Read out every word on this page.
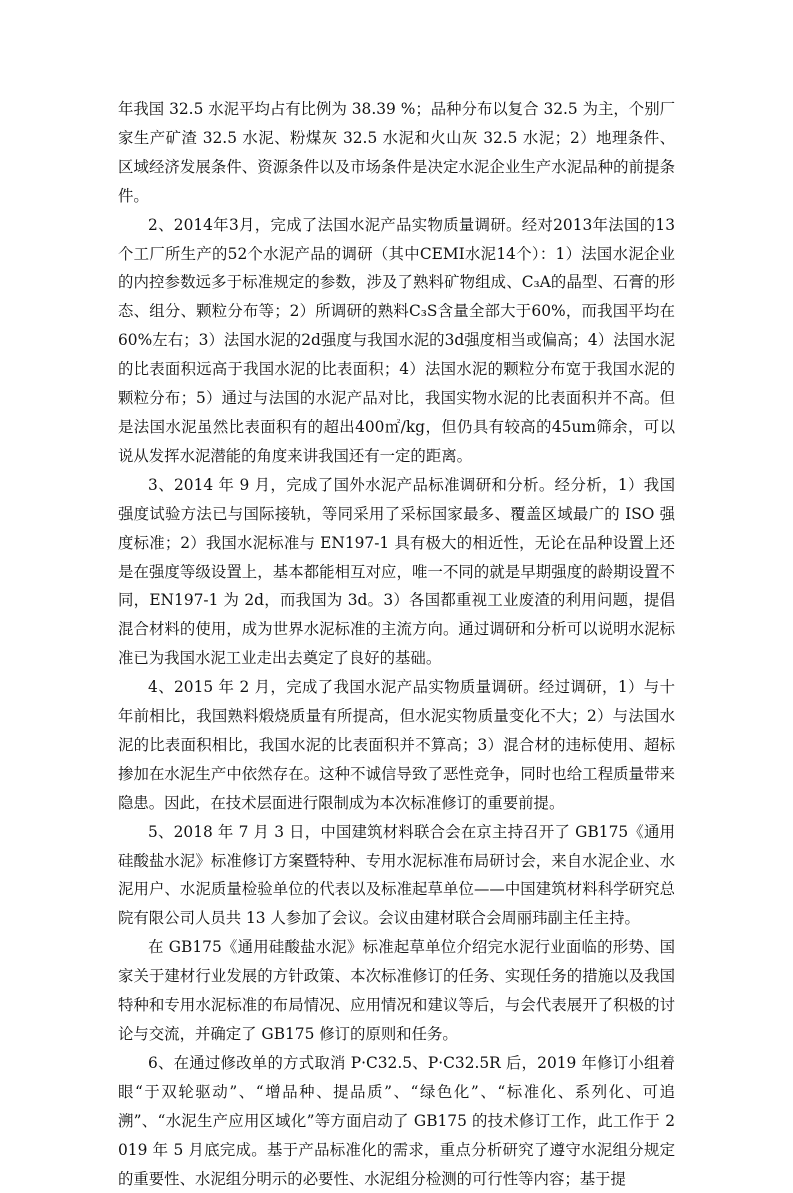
年我国 32.5 水泥平均占有比例为 38.39 %；品种分布以复合 32.5 为主，个别厂家生产矿渣 32.5 水泥、粉煤灰 32.5 水泥和火山灰 32.5 水泥；2）地理条件、区域经济发展条件、资源条件以及市场条件是决定水泥企业生产水泥品种的前提条件。

2、2014年3月，完成了法国水泥产品实物质量调研。经对2013年法国的13个工厂所生产的52个水泥产品的调研（其中CEMI水泥14个）：1）法国水泥企业的内控参数远多于标准规定的参数，涉及了熟料矿物组成、C₃A的晶型、石膏的形态、组分、颗粒分布等；2）所调研的熟料C₃S含量全部大于60%，而我国平均在60%左右；3）法国水泥的2d强度与我国水泥的3d强度相当或偏高；4）法国水泥的比表面积远高于我国水泥的比表面积；4）法国水泥的颗粒分布宽于我国水泥的颗粒分布；5）通过与法国的水泥产品对比，我国实物水泥的比表面积并不高。但是法国水泥虽然比表面积有的超出400㎡/kg，但仍具有较高的45um筛余，可以说从发挥水泥潜能的角度来讲我国还有一定的距离。

3、2014 年 9 月，完成了国外水泥产品标准调研和分析。经分析，1）我国强度试验方法已与国际接轨，等同采用了采标国家最多、覆盖区域最广的 ISO 强度标准；2）我国水泥标准与 EN197-1 具有极大的相近性，无论在品种设置上还是在强度等级设置上，基本都能相互对应，唯一不同的就是早期强度的龄期设置不同，EN197-1 为 2d，而我国为 3d。3）各国都重视工业废渣的利用问题，提倡混合材料的使用，成为世界水泥标准的主流方向。通过调研和分析可以说明水泥标准已为我国水泥工业走出去奠定了良好的基础。

4、2015 年 2 月，完成了我国水泥产品实物质量调研。经过调研，1）与十年前相比，我国熟料煅烧质量有所提高，但水泥实物质量变化不大；2）与法国水泥的比表面积相比，我国水泥的比表面积并不算高；3）混合材的违标使用、超标掺加在水泥生产中依然存在。这种不诚信导致了恶性竞争，同时也给工程质量带来隐患。因此，在技术层面进行限制成为本次标准修订的重要前提。

5、2018 年 7 月 3 日，中国建筑材料联合会在京主持召开了 GB175《通用硅酸盐水泥》标准修订方案暨特种、专用水泥标准布局研讨会，来自水泥企业、水泥用户、水泥质量检验单位的代表以及标准起草单位——中国建筑材料科学研究总院有限公司人员共 13 人参加了会议。会议由建材联合会周丽玮副主任主持。

在 GB175《通用硅酸盐水泥》标准起草单位介绍完水泥行业面临的形势、国家关于建材行业发展的方针政策、本次标准修订的任务、实现任务的措施以及我国特种和专用水泥标准的布局情况、应用情况和建议等后，与会代表展开了积极的讨论与交流，并确定了 GB175 修订的原则和任务。

6、在通过修改单的方式取消 P·C32.5、P·C32.5R 后，2019 年修订小组着眼“于双轮驱动”、“增品种、提品质”、“绿色化”、“标准化、系列化、可追溯”、“水泥生产应用区域化”等方面启动了 GB175 的技术修订工作，此工作于 2019 年 5 月底完成。基于产品标准化的需求，重点分析研究了遵守水泥组分规定的重要性、水泥组分明示的必要性、水泥组分检测的可行性等内容；基于提
